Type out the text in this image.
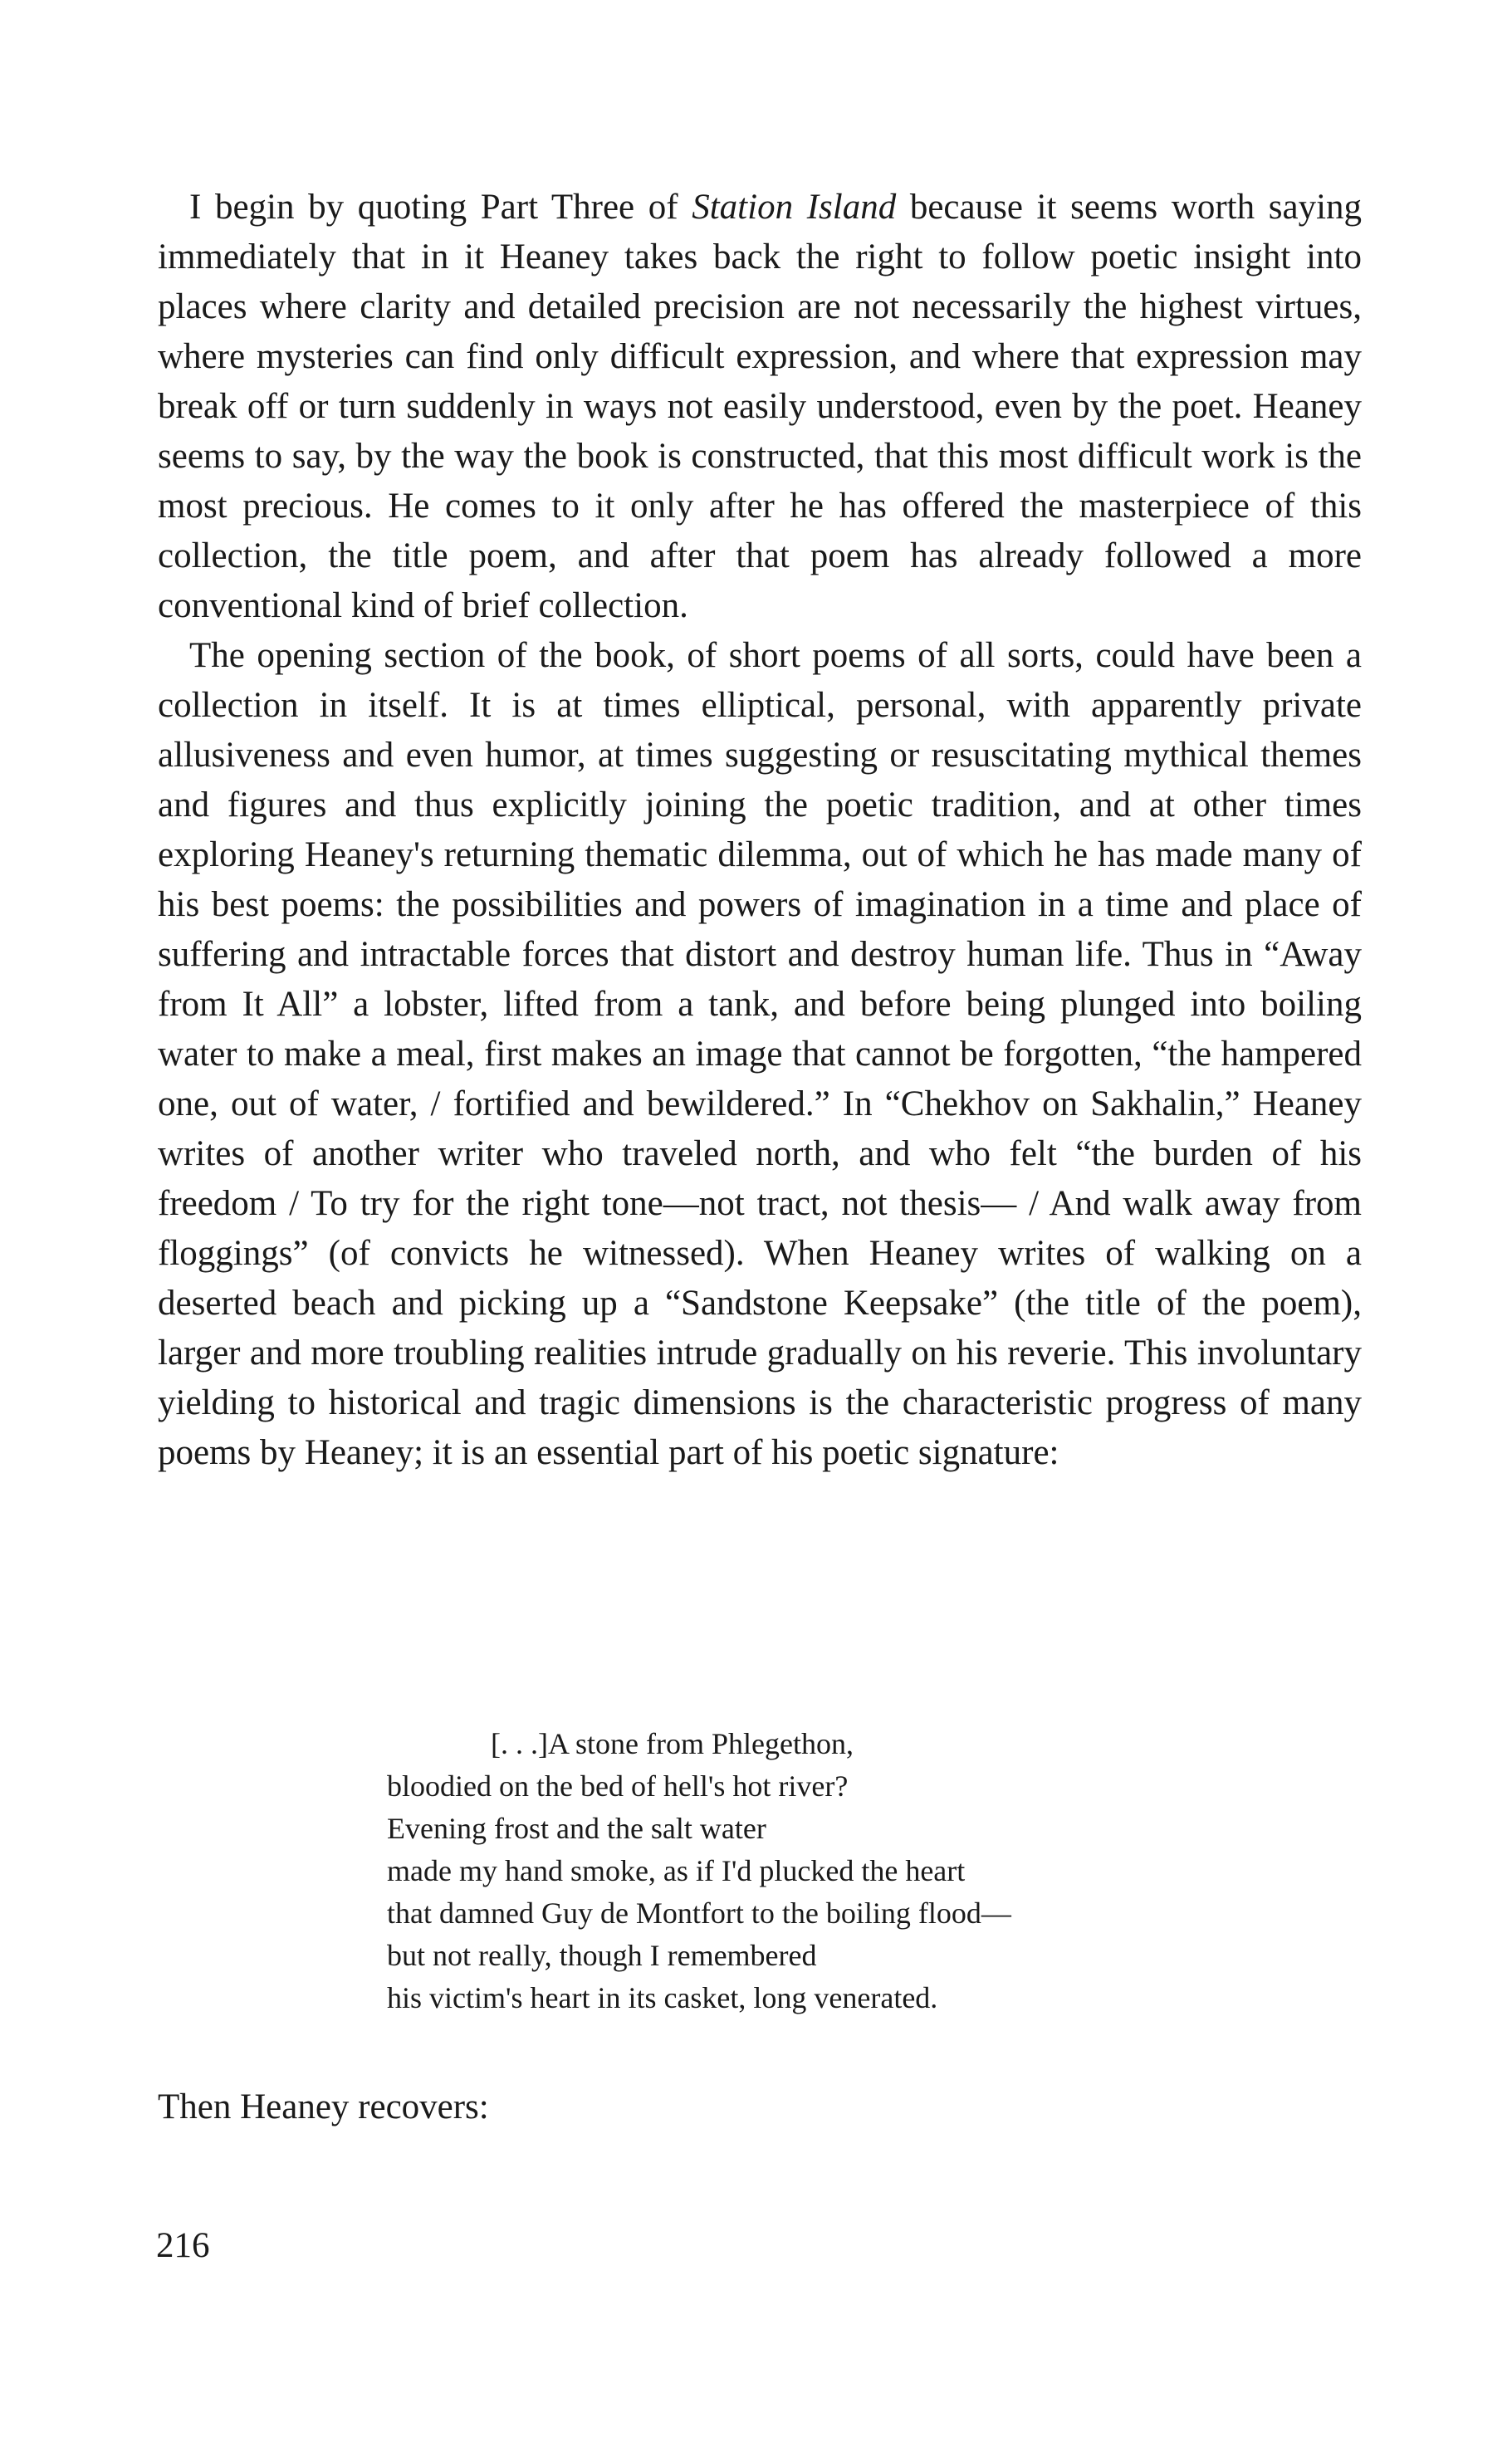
I begin by quoting Part Three of Station Island because it seems worth saying immediately that in it Heaney takes back the right to follow poetic insight into places where clarity and detailed precision are not necessarily the highest virtues, where mysteries can find only difficult expression, and where that expression may break off or turn suddenly in ways not easily understood, even by the poet. Heaney seems to say, by the way the book is constructed, that this most difficult work is the most precious. He comes to it only after he has offered the masterpiece of this collection, the title poem, and after that poem has already followed a more conventional kind of brief collection.

The opening section of the book, of short poems of all sorts, could have been a collection in itself. It is at times elliptical, personal, with apparently private allusiveness and even humor, at times suggesting or resuscitating mythical themes and figures and thus explicitly joining the poetic tradition, and at other times exploring Heaney's returning thematic dilemma, out of which he has made many of his best poems: the possibilities and powers of imagination in a time and place of suffering and intractable forces that distort and destroy human life. Thus in “Away from It All” a lobster, lifted from a tank, and before being plunged into boiling water to make a meal, first makes an image that cannot be forgotten, “the hampered one, out of water, / fortified and bewildered.” In “Chekhov on Sakhalin,” Heaney writes of another writer who traveled north, and who felt “the burden of his freedom / To try for the right tone—not tract, not thesis— / And walk away from floggings” (of convicts he witnessed). When Heaney writes of walking on a deserted beach and picking up a “Sandstone Keepsake” (the title of the poem), larger and more troubling realities intrude gradually on his reverie. This involuntary yielding to historical and tragic dimensions is the characteristic progress of many poems by Heaney; it is an essential part of his poetic signature:

[. . .]A stone from Phlegethon,
bloodied on the bed of hell's hot river?
Evening frost and the salt water
made my hand smoke, as if I'd plucked the heart
that damned Guy de Montfort to the boiling flood—
but not really, though I remembered
his victim's heart in its casket, long venerated.

Then Heaney recovers:

216
